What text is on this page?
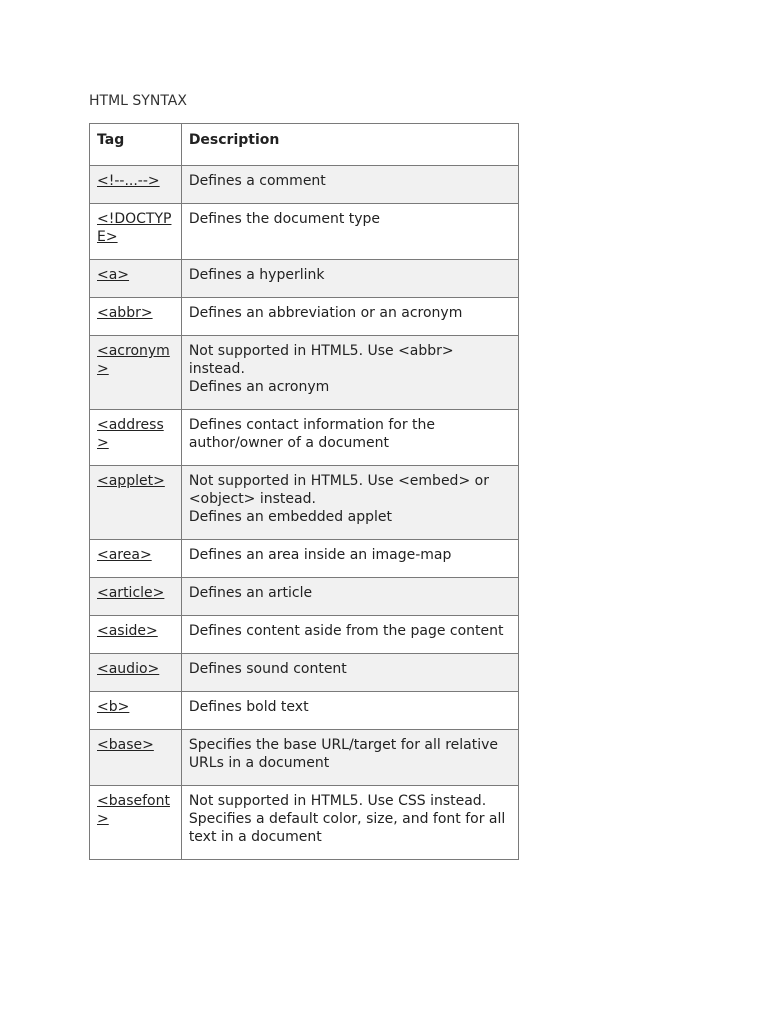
HTML SYNTAX
Tag	Description
<!--...-->	Defines a comment
<!DOCTYPE>	Defines the document type
<a>	Defines a hyperlink
<abbr>	Defines an abbreviation or an acronym
<acronym>	Not supported in HTML5. Use <abbr> instead.
Defines an acronym
<address>	Defines contact information for the author/owner of a document
<applet>	Not supported in HTML5. Use <embed> or <object> instead.
Defines an embedded applet
<area>	Defines an area inside an image-map
<article>	Defines an article
<aside>	Defines content aside from the page content
<audio>	Defines sound content
<b>	Defines bold text
<base>	Specifies the base URL/target for all relative URLs in a document
<basefont>	Not supported in HTML5. Use CSS instead.
Specifies a default color, size, and font for all text in a document
